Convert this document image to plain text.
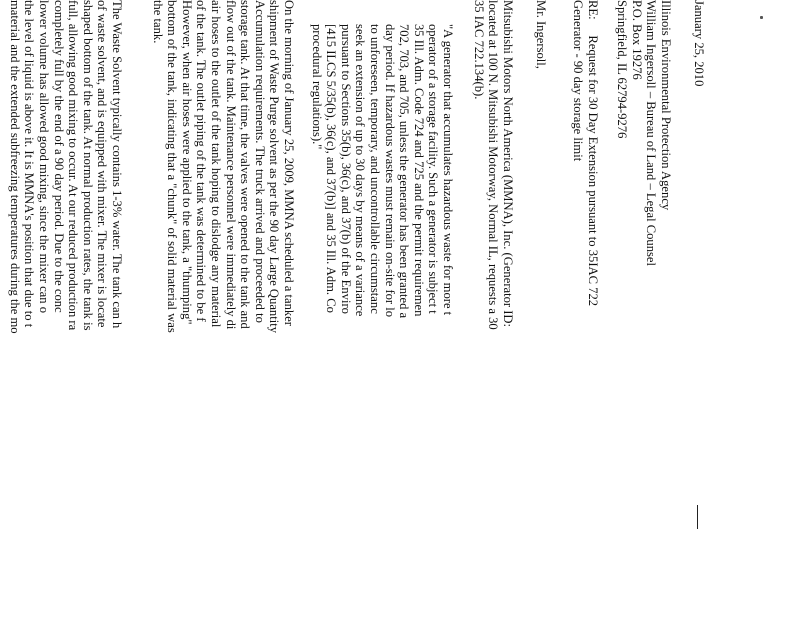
January 25, 2010
Illinois Environmental Protection Agency
William Ingersoll – Bureau of Land – Legal Counsel
P.O. Box 19276
Springfield, IL 62794-9276
RE:     Request for 30 Day Extension pursuant to 35IAC 722
Generator - 90 day storage limit
Mr. Ingersoll,
Mitsubishi Motors North America (MMNA), Inc. (Generator ID:
located at 100 N. Mitsubishi Motorway, Normal IL, requests a 30
35 IAC 722.134(b).
"A generator that accumulates hazardous waste for more t
operator of a storage facility. Such a generator is subject t
35 Ill. Adm. Code 724 and 725 and the permit requiremen
702, 703, and 705, unless the generator has been granted a
day period. If hazardous wastes must remain on-site for lo
to unforeseen, temporary, and uncontrollable circumstanc
seek an extension of up to 30 days by means of a variance
pursuant to Sections 35(b), 36(c), and 37(b) of the Enviro
[415 ILCS 5/35(b), 36(c), and 37(b)] and 35 Ill. Adm. Co
procedural regulations)."
On the morning of January 25, 2009, MMNA scheduled a tanker
shipment of Waste Purge solvent as per the 90 day Large Quantity
Accumulation requirements. The truck arrived and proceeded to
storage tank. At that time, the valves were opened to the tank and
flow out of the tank. Maintenance personnel were immediately di
air hoses to the outlet of the tank hoping to dislodge any material
of the tank. The outlet piping of the tank was determined to be f
However, when air hoses were applied to the tank, a "thumping"
bottom of the tank, indicating that a "chunk" of solid material was
the tank.
The Waste Solvent typically contains 1-3% water. The tank can h
of waste solvent, and is equipped with mixer. The mixer is locate
shaped bottom of the tank. At normal production rates, the tank is
full, allowing good mixing to occur. At our reduced production ra
completely full by the end of a 90 day period. Due to the conc
lower volume has allowed good mixing, since the mixer can o
the level of liquid is above it. It is MMNA's position that due to t
material and the extended subfreezing temperatures during the mo
